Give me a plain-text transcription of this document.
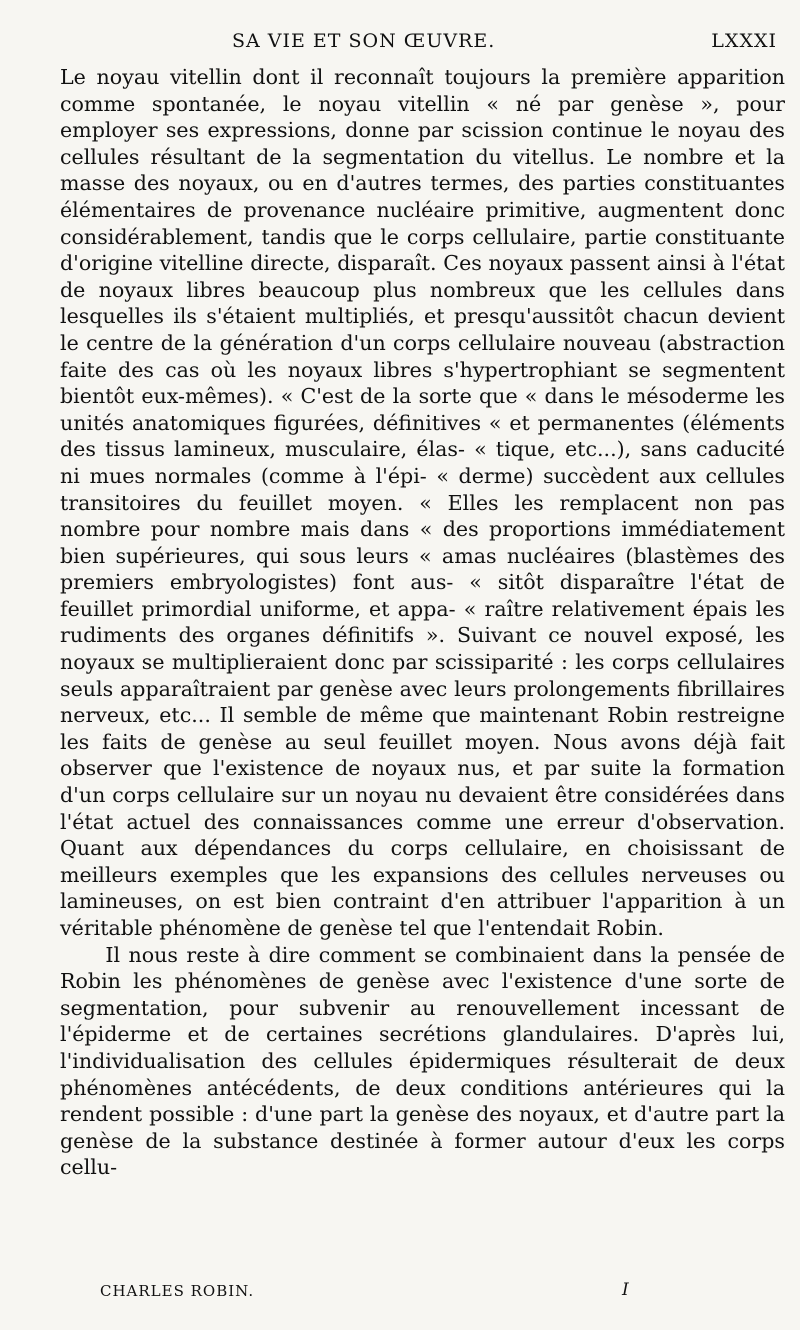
SA VIE ET SON ŒUVRE.	LXXXI

Le noyau vitellin dont il reconnaît toujours la première apparition comme spontanée, le noyau vitellin « né par genèse », pour employer ses expressions, donne par scission continue le noyau des cellules résultant de la segmentation du vitellus. Le nombre et la masse des noyaux, ou en d'autres termes, des parties constituantes élémentaires de provenance nucléaire primitive, augmentent donc considérablement, tandis que le corps cellulaire, partie constituante d'origine vitelline directe, disparaît. Ces noyaux passent ainsi à l'état de noyaux libres beaucoup plus nombreux que les cellules dans lesquelles ils s'étaient multipliés, et presqu'aussitôt chacun devient le centre de la génération d'un corps cellulaire nouveau (abstraction faite des cas où les noyaux libres s'hypertrophiant se segmentent bientôt eux-mêmes). « C'est de la sorte que « dans le mésoderme les unités anatomiques figurées, définitives « et permanentes (éléments des tissus lamineux, musculaire, élas- « tique, etc...), sans caducité ni mues normales (comme à l'épi- « derme) succèdent aux cellules transitoires du feuillet moyen. « Elles les remplacent non pas nombre pour nombre mais dans « des proportions immédiatement bien supérieures, qui sous leurs « amas nucléaires (blastèmes des premiers embryologistes) font aus- « sitôt disparaître l'état de feuillet primordial uniforme, et appa- « raître relativement épais les rudiments des organes définitifs ». Suivant ce nouvel exposé, les noyaux se multiplieraient donc par scissiparité : les corps cellulaires seuls apparaîtraient par genèse avec leurs prolongements fibrillaires nerveux, etc... Il semble de même que maintenant Robin restreigne les faits de genèse au seul feuillet moyen. Nous avons déjà fait observer que l'existence de noyaux nus, et par suite la formation d'un corps cellulaire sur un noyau nu devaient être considérées dans l'état actuel des connaissances comme une erreur d'observation. Quant aux dépendances du corps cellulaire, en choisissant de meilleurs exemples que les expansions des cellules nerveuses ou lamineuses, on est bien contraint d'en attribuer l'apparition à un véritable phénomène de genèse tel que l'entendait Robin.

Il nous reste à dire comment se combinaient dans la pensée de Robin les phénomènes de genèse avec l'existence d'une sorte de segmentation, pour subvenir au renouvellement incessant de l'épiderme et de certaines secrétions glandulaires. D'après lui, l'individualisation des cellules épidermiques résulterait de deux phénomènes antécédents, de deux conditions antérieures qui la rendent possible : d'une part la genèse des noyaux, et d'autre part la genèse de la substance destinée à former autour d'eux les corps cellu-

CHARLES ROBIN.	I
